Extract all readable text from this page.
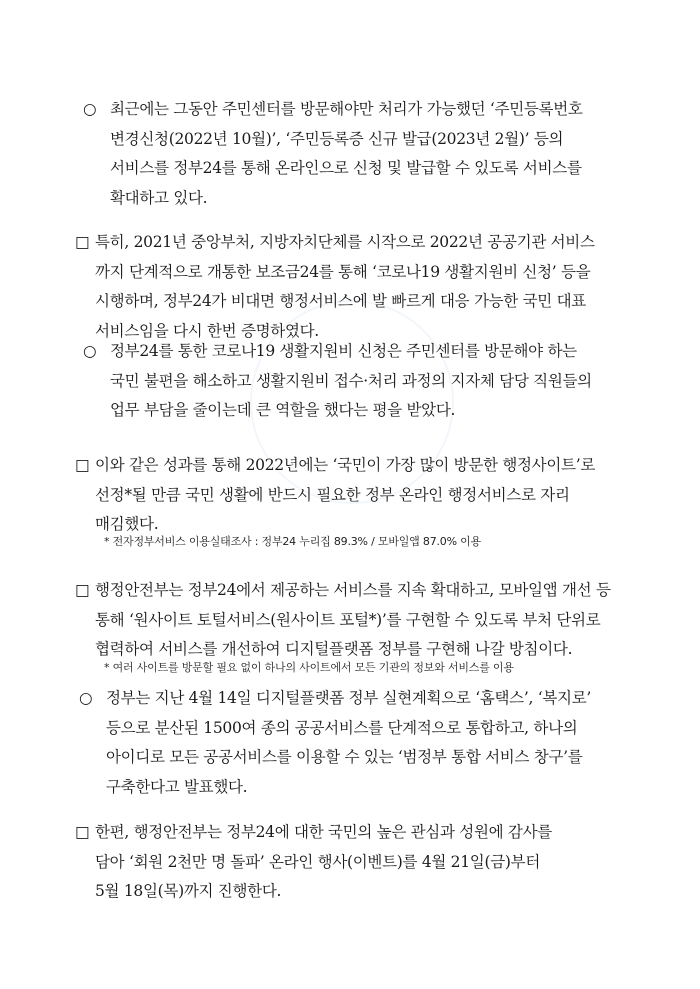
○ 최근에는 그동안 주민센터를 방문해야만 처리가 가능했던 ‘주민등록번호
변경신청(2022년 10월)’, ‘주민등록증 신규 발급(2023년 2월)’ 등의
서비스를 정부24를 통해 온라인으로 신청 및 발급할 수 있도록 서비스를
확대하고 있다.
□ 특히, 2021년 중앙부처, 지방자치단체를 시작으로 2022년 공공기관 서비스
까지 단계적으로 개통한 보조금24를 통해 ‘코로나19 생활지원비 신청’ 등을
시행하며, 정부24가 비대면 행정서비스에 발 빠르게 대응 가능한 국민 대표
서비스임을 다시 한번 증명하였다.
○ 정부24를 통한 코로나19 생활지원비 신청은 주민센터를 방문해야 하는
국민 불편을 해소하고 생활지원비 접수·처리 과정의 지자체 담당 직원들의
업무 부담을 줄이는데 큰 역할을 했다는 평을 받았다.
□ 이와 같은 성과를 통해 2022년에는 ‘국민이 가장 많이 방문한 행정사이트’로
선정*될 만큼 국민 생활에 반드시 필요한 정부 온라인 행정서비스로 자리
매김했다.
* 전자정부서비스 이용실태조사 : 정부24 누리집 89.3% / 모바일앱 87.0% 이용
□ 행정안전부는 정부24에서 제공하는 서비스를 지속 확대하고, 모바일앱 개선 등
통해 ‘원사이트 토털서비스(원사이트 포털*)’를 구현할 수 있도록 부처 단위로
협력하여 서비스를 개선하여 디지털플랫폼 정부를 구현해 나갈 방침이다.
* 여러 사이트를 방문할 필요 없이 하나의 사이트에서 모든 기관의 정보와 서비스를 이용
○ 정부는 지난 4월 14일 디지털플랫폼 정부 실현계획으로 ‘홈택스’, ‘복지로’
등으로 분산된 1500여 종의 공공서비스를 단계적으로 통합하고, 하나의
아이디로 모든 공공서비스를 이용할 수 있는 ‘범정부 통합 서비스 창구’를
구축한다고 발표했다.
□ 한편, 행정안전부는 정부24에 대한 국민의 높은 관심과 성원에 감사를
담아 ‘회원 2천만 명 돌파’ 온라인 행사(이벤트)를 4월 21일(금)부터
5월 18일(목)까지 진행한다.
